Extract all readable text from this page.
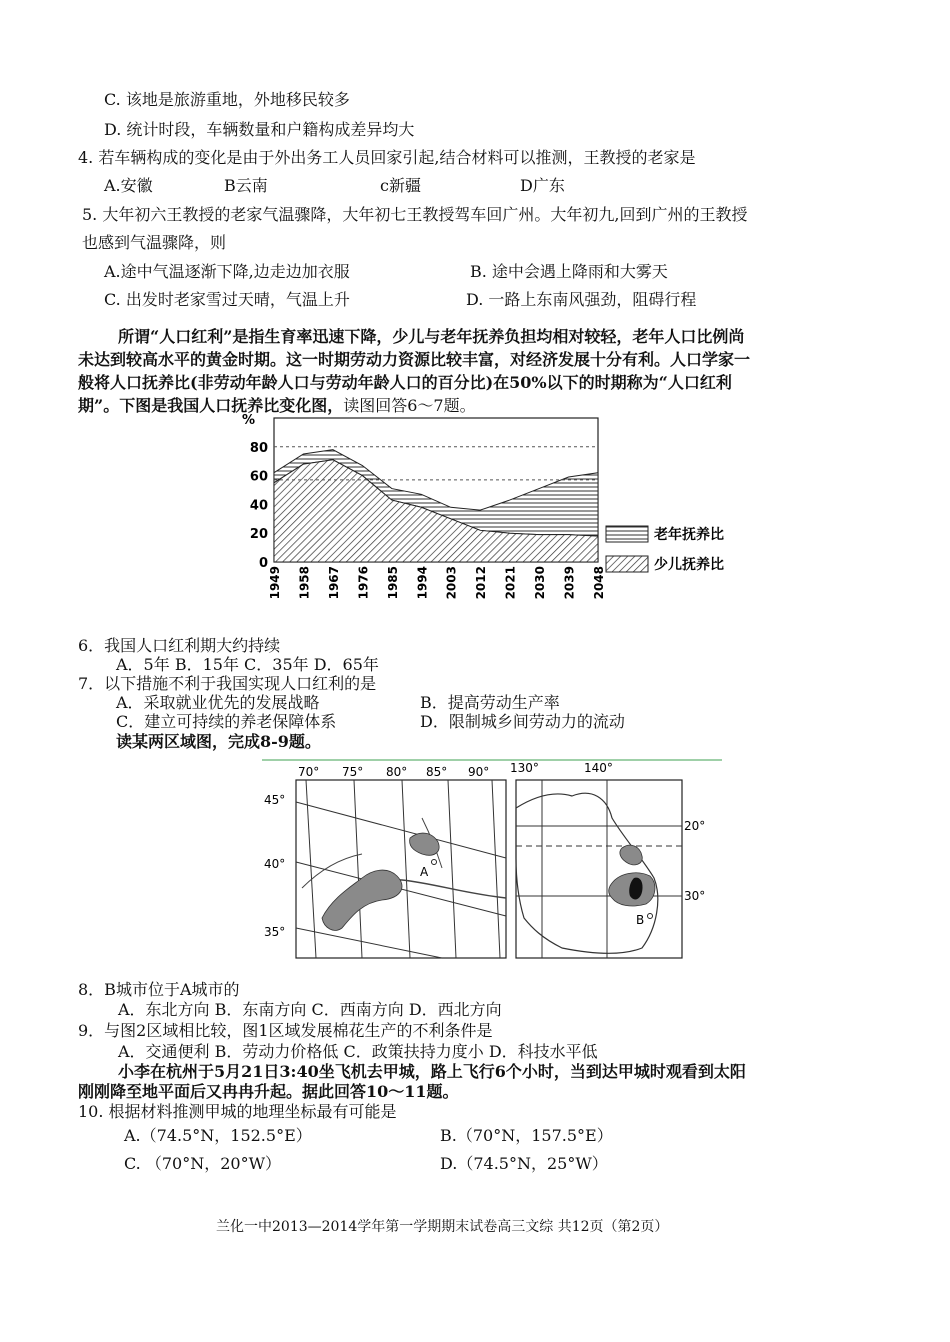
C. 该地是旅游重地，外地移民较多
D. 统计时段，车辆数量和户籍构成差异均大
4. 若车辆构成的变化是由于外出务工人员回家引起,结合材料可以推测，王教授的老家是
A.安徽	B云南	c新疆	D广东
5. 大年初六王教授的老家气温骤降，大年初七王教授驾车回广州。大年初九,回到广州的王教授
也感到气温骤降，则
A.途中气温逐渐下降,边走边加衣服	B. 途中会遇上降雨和大雾天
C. 出发时老家雪过天晴，气温上升	D. 一路上东南风强劲，阻碍行程
所谓“人口红利”是指生育率迅速下降，少儿与老年抚养负担均相对较轻，老年人口比例尚
未达到较高水平的黄金时期。这一时期劳动力资源比较丰富，对经济发展十分有利。人口学家一
般将人口抚养比(非劳动年龄人口与劳动年龄人口的百分比)在50%以下的时期称为“人口红利
期”。下图是我国人口抚养比变化图，读图回答6～7题。
%
80
60
40
20
0
1949 1958 1967 1976 1985 1994 2003 2012 2021 2030 2039 2048
老年抚养比
少儿抚养比
6．我国人口红利期大约持续
A．5年 B．15年 C．35年 D．65年
7．以下措施不利于我国实现人口红利的是
A．采取就业优先的发展战略	B．提高劳动生产率
C．建立可持续的养老保障体系	D．限制城乡间劳动力的流动
读某两区域图，完成8-9题。
A
70° 75° 80° 85° 90°
45°
40°
35°
B
130°	140°
20°
30°
8．B城市位于A城市的
A．东北方向 B．东南方向 C．西南方向 D．西北方向
9．与图2区域相比较，图1区域发展棉花生产的不利条件是
A．交通便利 B．劳动力价格低 C．政策扶持力度小 D．科技水平低
小李在杭州于5月21日3:40坐飞机去甲城，路上飞行6个小时，当到达甲城时观看到太阳
刚刚降至地平面后又冉冉升起。据此回答10～11题。
10. 根据材料推测甲城的地理坐标最有可能是
A.（74.5°N，152.5°E）	B.（70°N，157.5°E）
C. （70°N，20°W）	D.（74.5°N，25°W）
兰化一中2013—2014学年第一学期期末试卷高三文综 共12页（第2页）
